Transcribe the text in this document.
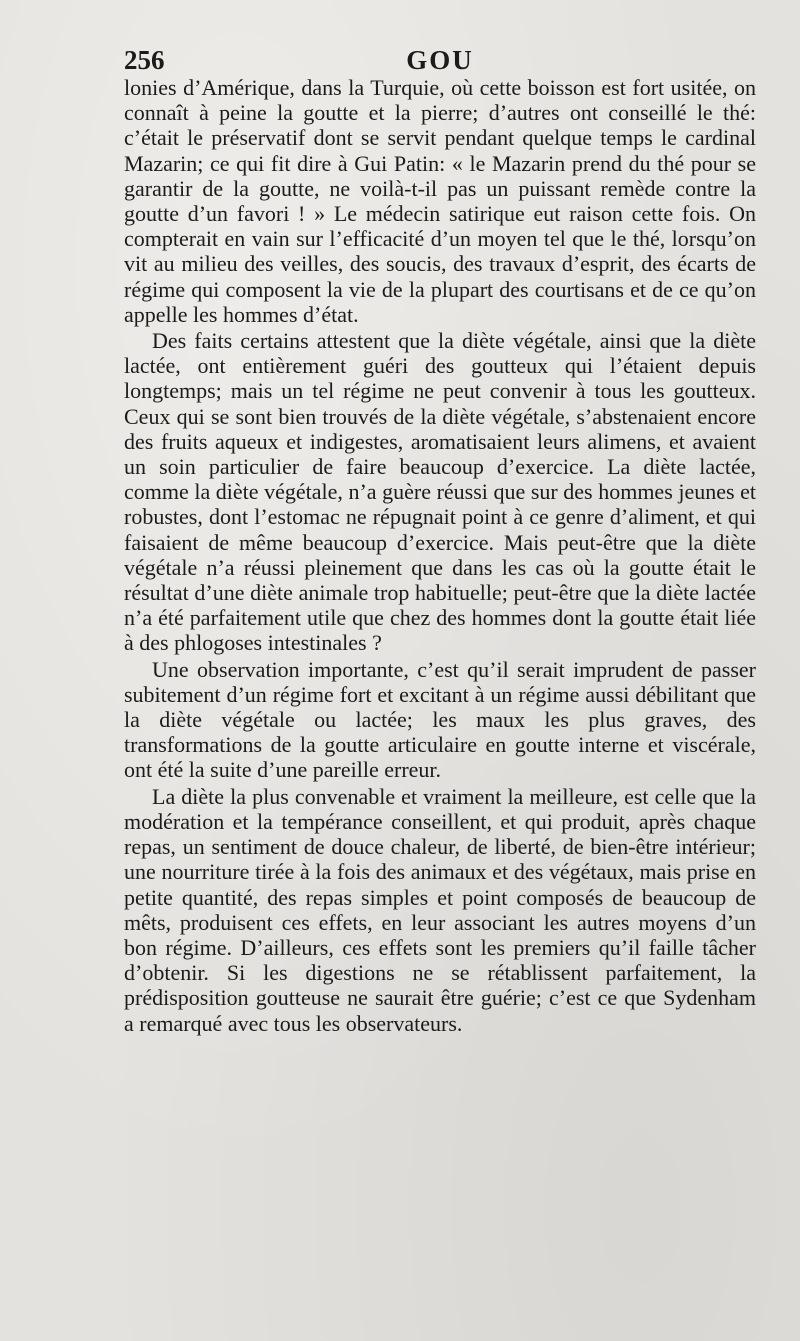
256	GOU

lonies d’Amérique, dans la Turquie, où cette boisson est fort usitée, on connaît à peine la goutte et la pierre; d’autres ont conseillé le thé: c’était le préservatif dont se servit pendant quelque temps le cardinal Mazarin; ce qui fit dire à Gui Patin: « le Mazarin prend du thé pour se garantir de la goutte, ne voilà-t-il pas un puissant remède contre la goutte d’un favori ! » Le médecin satirique eut raison cette fois. On compterait en vain sur l’efficacité d’un moyen tel que le thé, lorsqu’on vit au milieu des veilles, des soucis, des travaux d’esprit, des écarts de régime qui composent la vie de la plupart des courtisans et de ce qu’on appelle les hommes d’état.

Des faits certains attestent que la diète végétale, ainsi que la diète lactée, ont entièrement guéri des goutteux qui l’étaient depuis longtemps; mais un tel régime ne peut convenir à tous les goutteux. Ceux qui se sont bien trouvés de la diète végétale, s’abstenaient encore des fruits aqueux et indigestes, aromatisaient leurs alimens, et avaient un soin particulier de faire beaucoup d’exercice. La diète lactée, comme la diète végétale, n’a guère réussi que sur des hommes jeunes et robustes, dont l’estomac ne répugnait point à ce genre d’aliment, et qui faisaient de même beaucoup d’exercice. Mais peut-être que la diète végétale n’a réussi pleinement que dans les cas où la goutte était le résultat d’une diète animale trop habituelle; peut-être que la diète lactée n’a été parfaitement utile que chez des hommes dont la goutte était liée à des phlogoses intestinales ?

Une observation importante, c’est qu’il serait imprudent de passer subitement d’un régime fort et excitant à un régime aussi débilitant que la diète végétale ou lactée; les maux les plus graves, des transformations de la goutte articulaire en goutte interne et viscérale, ont été la suite d’une pareille erreur.

La diète la plus convenable et vraiment la meilleure, est celle que la modération et la tempérance conseillent, et qui produit, après chaque repas, un sentiment de douce chaleur, de liberté, de bien-être intérieur; une nourriture tirée à la fois des animaux et des végétaux, mais prise en petite quantité, des repas simples et point composés de beaucoup de mêts, produisent ces effets, en leur associant les autres moyens d’un bon régime. D’ailleurs, ces effets sont les premiers qu’il faille tâcher d’obtenir. Si les digestions ne se rétablissent parfaitement, la prédisposition goutteuse ne saurait être guérie; c’est ce que Sydenham a remarqué avec tous les observateurs.
